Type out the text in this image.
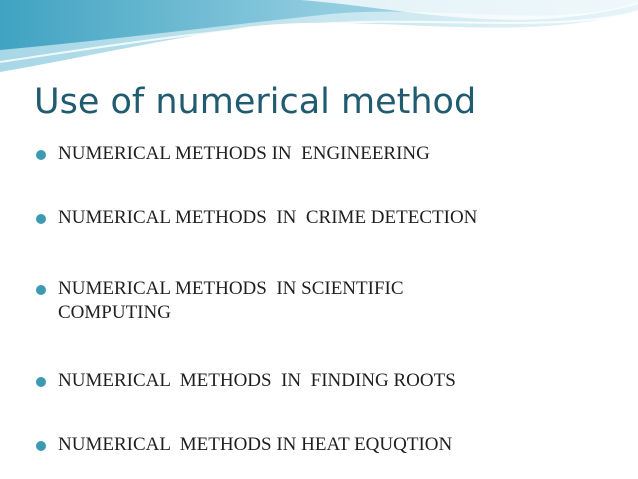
Use of numerical method
NUMERICAL METHODS IN  ENGINEERING
NUMERICAL METHODS  IN  CRIME DETECTION
NUMERICAL METHODS  IN SCIENTIFIC
COMPUTING
NUMERICAL  METHODS  IN  FINDING ROOTS
NUMERICAL  METHODS IN HEAT EQUQTION
